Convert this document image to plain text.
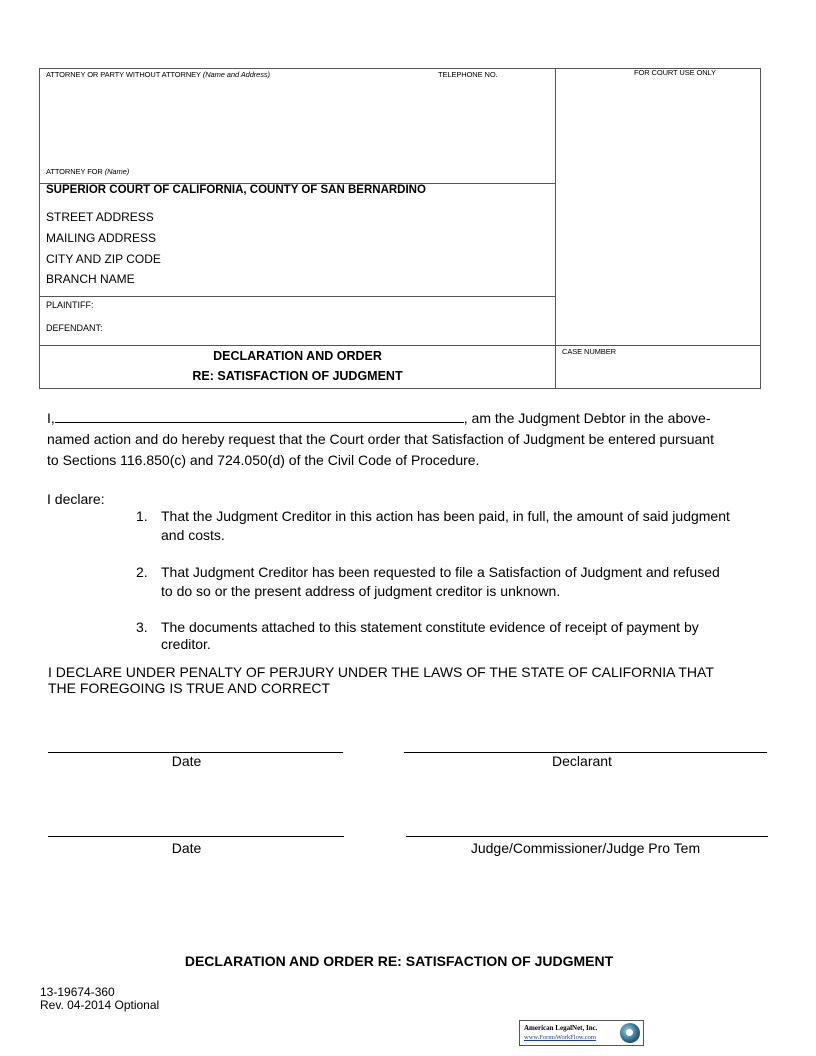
ATTORNEY OR PARTY WITHOUT ATTORNEY (Name and Address)	TELEPHONE NO.	FOR COURT USE ONLY
ATTORNEY FOR (Name)
SUPERIOR COURT OF CALIFORNIA, COUNTY OF SAN BERNARDINO
STREET ADDRESS
MAILING ADDRESS
CITY AND ZIP CODE
BRANCH NAME
PLAINTIFF:
DEFENDANT:
DECLARATION AND ORDER
RE: SATISFACTION OF JUDGMENT
CASE NUMBER
I,	, am the Judgment Debtor in the above-
named action and do hereby request that the Court order that Satisfaction of Judgment be entered pursuant
to Sections 116.850(c) and 724.050(d) of the Civil Code of Procedure.
I declare:
1. That the Judgment Creditor in this action has been paid, in full, the amount of said judgment
and costs.
2. That Judgment Creditor has been requested to file a Satisfaction of Judgment and refused
to do so or the present address of judgment creditor is unknown.
3. The documents attached to this statement constitute evidence of receipt of payment by
creditor.
I DECLARE UNDER PENALTY OF PERJURY UNDER THE LAWS OF THE STATE OF CALIFORNIA THAT
THE FOREGOING IS TRUE AND CORRECT
Date	Declarant
Date	Judge/Commissioner/Judge Pro Tem
DECLARATION AND ORDER RE: SATISFACTION OF JUDGMENT
13-19674-360
Rev. 04-2014 Optional
American LegalNet, Inc.
www.FormsWorkFlow.com
